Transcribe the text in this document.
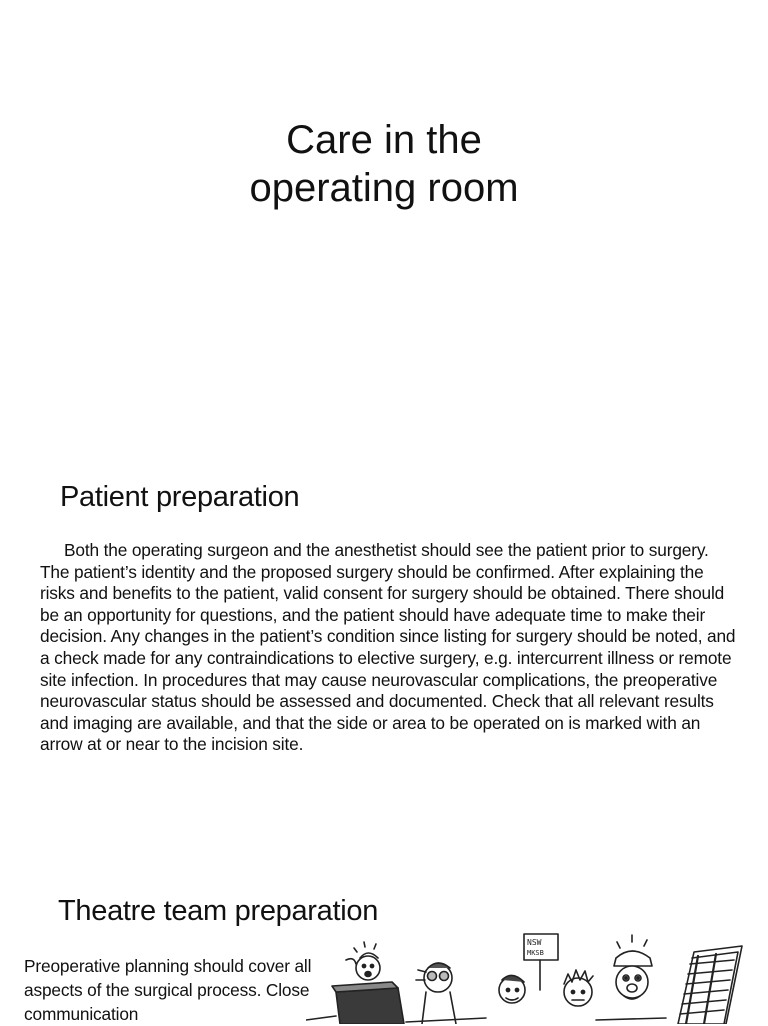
Care in the
operating room
Patient preparation

Both the operating surgeon and the anesthetist should see the patient prior to surgery. The patient’s identity and the proposed surgery should be confirmed. After explaining the risks and benefits to the patient, valid consent for surgery should be obtained. There should be an opportunity for questions, and the patient should have adequate time to make their decision. Any changes in the patient’s condition since listing for surgery should be noted, and a check made for any contraindications to elective surgery, e.g. intercurrent illness or remote site infection. In procedures that may cause neurovascular complications, the preoperative neurovascular status should be assessed and documented. Check that all relevant results and imaging are available, and that the side or area to be operated on is marked with an arrow at or near to the incision site.

Theatre team preparation

Preoperative planning should cover all aspects of the surgical process. Close communication

NSW
MKSB
